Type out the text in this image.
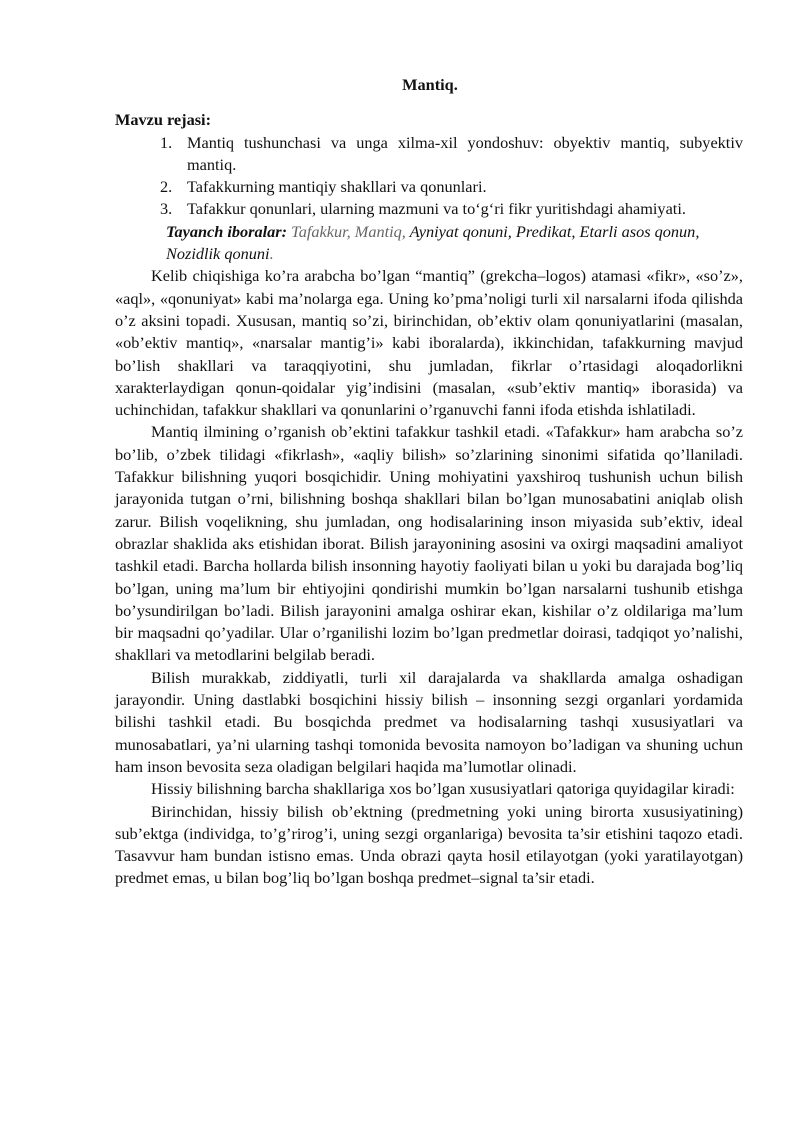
Mantiq.
Mavzu rejasi:
1. Mantiq tushunchasi va unga xilma-xil yondoshuv: obyektiv mantiq, subyektiv mantiq.
2. Tafakkurning mantiqiy shakllari va qonunlari.
3. Tafakkur qonunlari, ularning mazmuni va to‘g‘ri fikr yuritishdagi ahamiyati.
Tayanch iboralar: Tafakkur, Mantiq, Ayniyat qonuni, Predikat, Etarli asos qonun, Nozidlik qonuni.

Kelib chiqishiga ko’ra arabcha bo’lgan “mantiq” (grekcha–logos) atamasi «fikr», «so’z», «aql», «qonuniyat» kabi ma’nolarga ega. Uning ko’pma’noligi turli xil narsalarni ifoda qilishda o’z aksini topadi. Xususan, mantiq so’zi, birinchidan, ob’ektiv olam qonuniyatlarini (masalan, «ob’ektiv mantiq», «narsalar mantig’i» kabi iboralarda), ikkinchidan, tafakkurning mavjud bo’lish shakllari va taraqqiyotini, shu jumladan, fikrlar o’rtasidagi aloqadorlikni xarakterlaydigan qonun-qoidalar yig’indisini (masalan, «sub’ektiv mantiq» iborasida) va uchinchidan, tafakkur shakllari va qonunlarini o’rganuvchi fanni ifoda etishda ishlatiladi.

Mantiq ilmining o’rganish ob’ektini tafakkur tashkil etadi. «Tafakkur» ham arabcha so’z bo’lib, o’zbek tilidagi «fikrlash», «aqliy bilish» so’zlarining sinonimi sifatida qo’llaniladi. Tafakkur bilishning yuqori bosqichidir. Uning mohiyatini yaxshiroq tushunish uchun bilish jarayonida tutgan o’rni, bilishning boshqa shakllari bilan bo’lgan munosabatini aniqlab olish zarur. Bilish voqelikning, shu jumladan, ong hodisalarining inson miyasida sub’ektiv, ideal obrazlar shaklida aks etishidan iborat. Bilish jarayonining asosini va oxirgi maqsadini amaliyot tashkil etadi. Barcha hollarda bilish insonning hayotiy faoliyati bilan u yoki bu darajada bog’liq bo’lgan, uning ma’lum bir ehtiyojini qondirishi mumkin bo’lgan narsalarni tushunib etishga bo’ysundirilgan bo’ladi. Bilish jarayonini amalga oshirar ekan, kishilar o’z oldilariga ma’lum bir maqsadni qo’yadilar. Ular o’rganilishi lozim bo’lgan predmetlar doirasi, tadqiqot yo’nalishi, shakllari va metodlarini belgilab beradi.

Bilish murakkab, ziddiyatli, turli xil darajalarda va shakllarda amalga oshadigan jarayondir. Uning dastlabki bosqichini hissiy bilish – insonning sezgi organlari yordamida bilishi tashkil etadi. Bu bosqichda predmet va hodisalarning tashqi xususiyatlari va munosabatlari, ya’ni ularning tashqi tomonida bevosita namoyon bo’ladigan va shuning uchun ham inson bevosita seza oladigan belgilari haqida ma’lumotlar olinadi.

Hissiy bilishning barcha shakllariga xos bo’lgan xususiyatlari qatoriga quyidagilar kiradi:

Birinchidan, hissiy bilish ob’ektning (predmetning yoki uning birorta xususiyatining) sub’ektga (individga, to’g’rirog’i, uning sezgi organlariga) bevosita ta’sir etishini taqozo etadi. Tasavvur ham bundan istisno emas. Unda obrazi qayta hosil etilayotgan (yoki yaratilayotgan) predmet emas, u bilan bog’liq bo’lgan boshqa predmet–signal ta’sir etadi.
